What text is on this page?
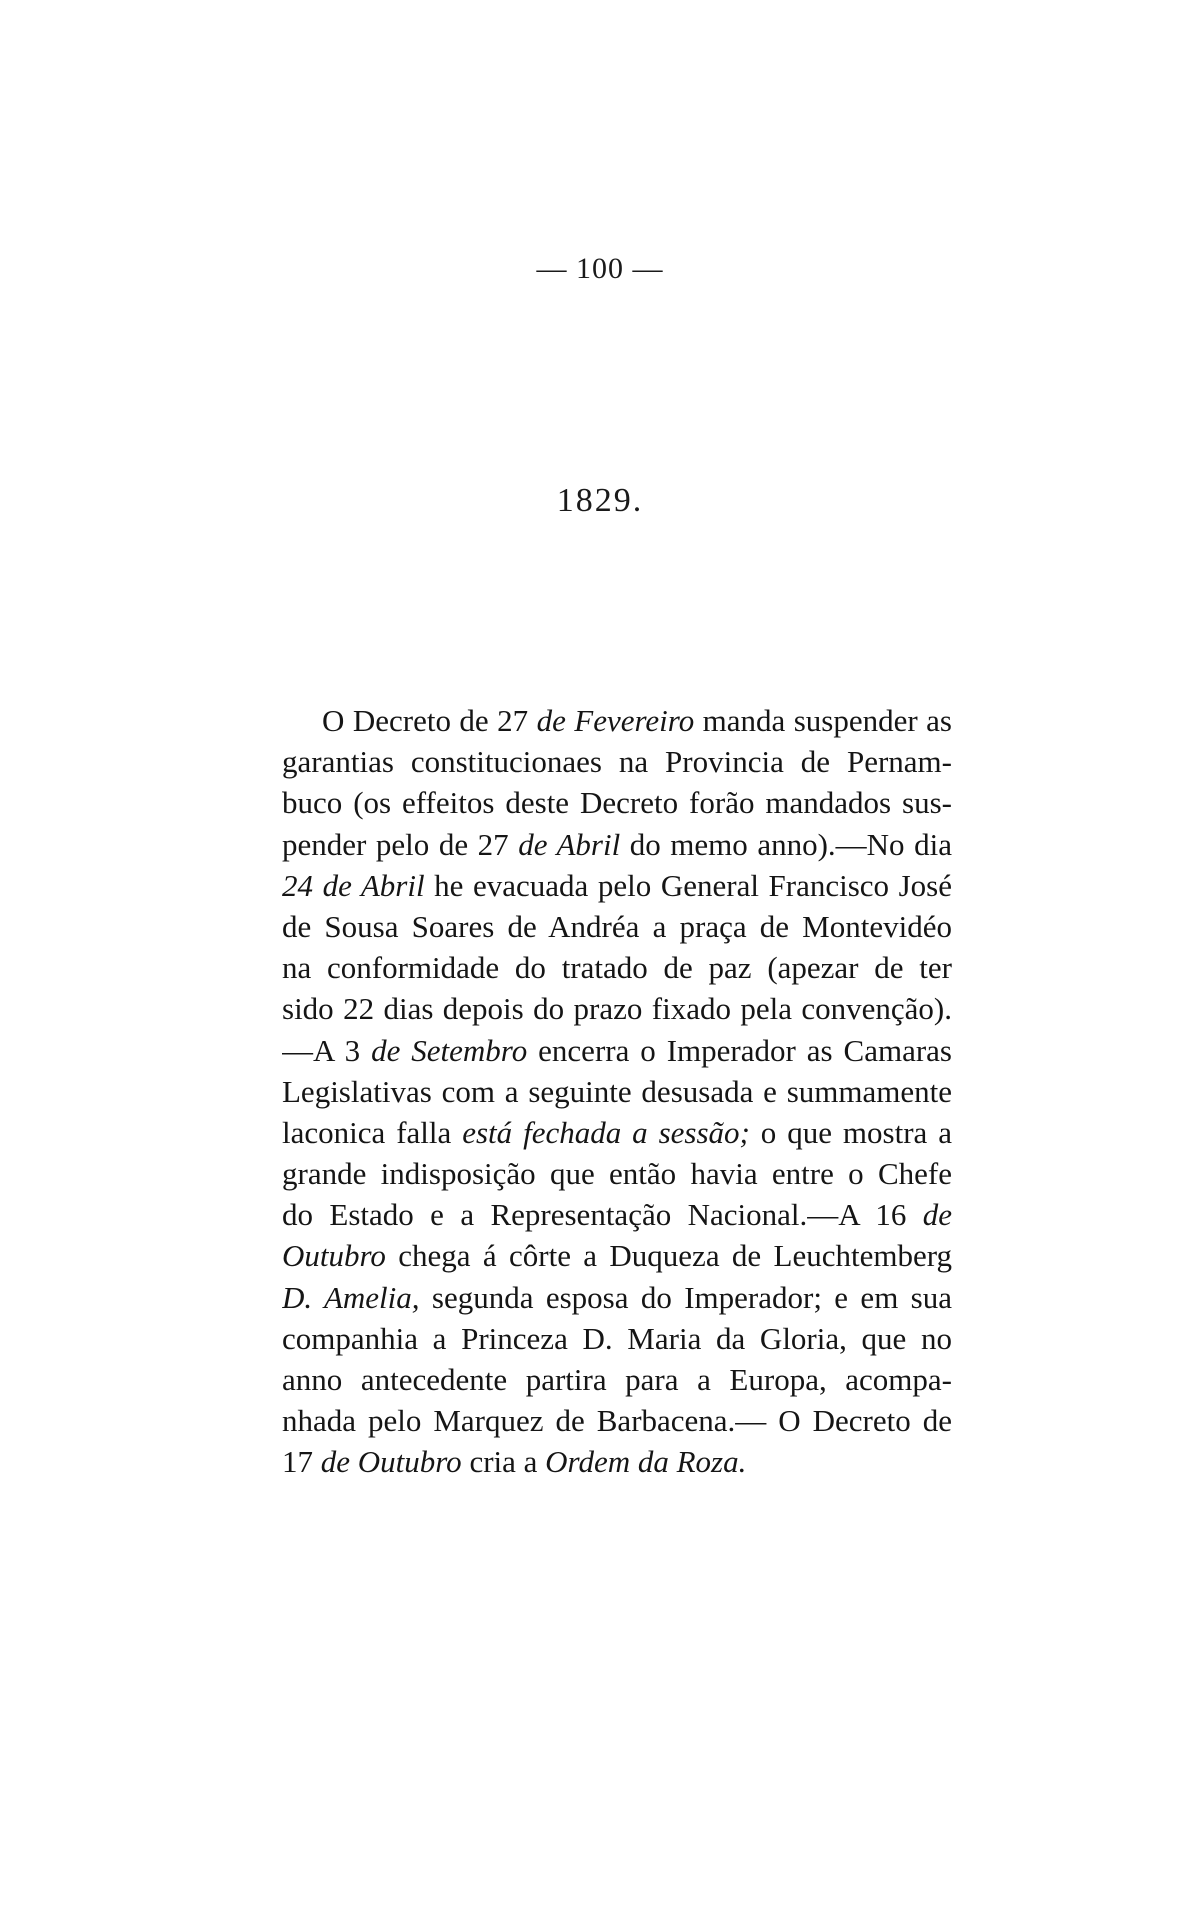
— 100 —
1829.
O Decreto de 27 de Fevereiro manda suspender as
garantias constitucionaes na Provincia de Pernam-
buco (os effeitos deste Decreto forão mandados sus-
pender pelo de 27 de Abril do memo anno).—No dia
24 de Abril he evacuada pelo General Francisco José
de Sousa Soares de Andréa a praça de Montevidéo
na conformidade do tratado de paz (apezar de ter
sido 22 dias depois do prazo fixado pela convenção).
—A 3 de Setembro encerra o Imperador as Camaras
Legislativas com a seguinte desusada e summamente
laconica falla está fechada a sessão; o que mostra a
grande indisposição que então havia entre o Chefe
do Estado e a Representação Nacional.—A 16 de
Outubro chega á côrte a Duqueza de Leuchtemberg
D. Amelia, segunda esposa do Imperador; e em sua
companhia a Princeza D. Maria da Gloria, que no
anno antecedente partira para a Europa, acompa-
nhada pelo Marquez de Barbacena.— O Decreto de
17 de Outubro cria a Ordem da Roza.
